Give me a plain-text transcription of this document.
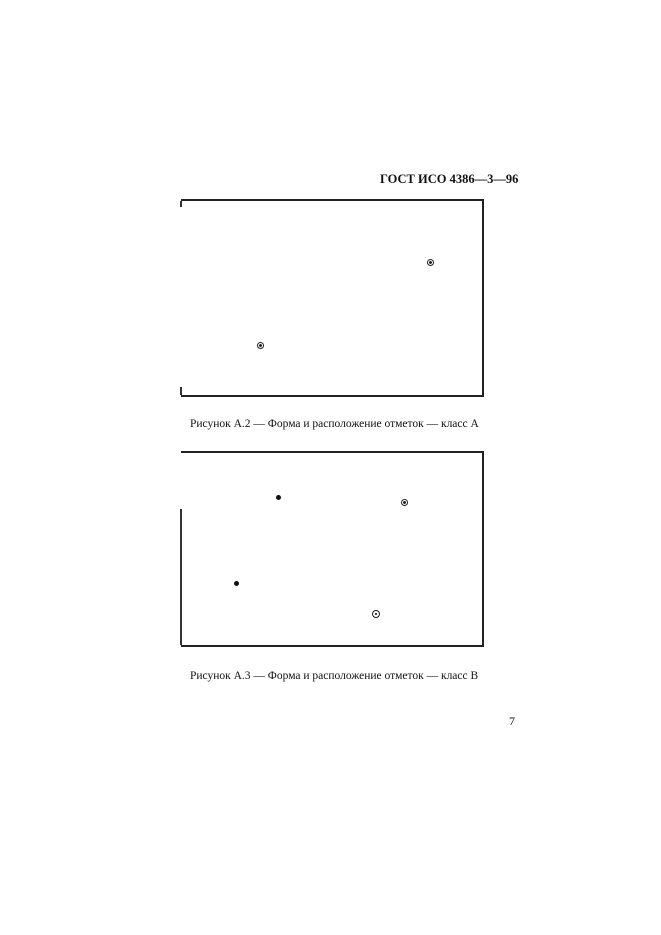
ГОСТ ИСО 4386—3—96
Рисунок А.2 — Форма и расположение отметок — класс А
Рисунок А.3 — Форма и расположение отметок — класс В
7
